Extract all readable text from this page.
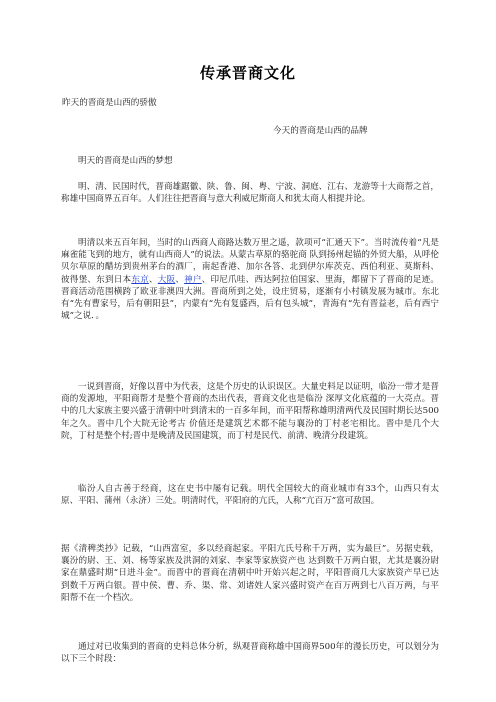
传承晋商文化

昨天的晋商是山西的骄傲

今天的晋商是山西的品牌

明天的晋商是山西的梦想

明、清、民国时代，晋商雄踞徽、陕、鲁、闽、粤、宁波、洞庭、江右、龙游等十大商帮之首，称雄中国商界五百年。人们往往把晋商与意大利威尼斯商人和犹太商人相提并论。

明清以来五百年间，当时的山西商人商路达数万里之遥，款项可“汇通天下”。当时流传着“凡是麻雀能飞到的地方，就有山西商人”的说法。从蒙古草原的骆驼商 队到扬州起锚的外贸大船，从呼伦贝尔草原的醋坊到贵州茅台的酒厂，南起香港、加尔各答、北到伊尔库茨克、西伯利亚、莫斯科、彼得堡、东到日本东京、大阪、神户、印尼爪哇、西达阿拉伯国家、里海，都留下了晋商的足迹。晋商活动范围横跨了欧亚非澳四大洲。晋商所到之处，设庄贸易，逐渐有小村镇发展为城市。东北有“先有曹家号，后有朝阳县”，内蒙有“先有复盛西，后有包头城”，青海有“先有晋益老，后有西宁城”之说．。

一说到晋商，好像以晋中为代表，这是个历史的认识误区。大量史料足以证明，临汾一带才是晋商的发源地，平阳商帮才是整个晋商的杰出代表，晋商文化也是临汾 深厚文化底蕴的一大亮点。晋中的几大家族主要兴盛于清朝中叶到清末的一百多年间，而平阳帮称雄明清两代及民国时期长达500年之久。晋中几个大院无论考古 价值还是建筑艺术都不能与襄汾的丁村老宅相比。晋中是几个大院，丁村是整个村;晋中是晚清及民国建筑，而丁村是民代、前清、晚清分段建筑。

临汾人自古善于经商，这在史书中屡有记载。明代全国较大的商业城市有33个，山西只有太原、平阳、蒲州（永济）三处。明清时代，平阳府的亢氏，人称“亢百万”富可敌国。

据《清稗类抄》记载，“山西富室，多以经商起家。平阳亢氏号称千万两，实为最巨”。另据史载，襄汾的尉、王、刘、杨等家族及洪洞的刘家、李家等家族资产也 达到数千万两白银，尤其是襄汾尉家在鼎盛时期“日进斗金”。而晋中的晋商在清朝中叶开始兴起之时，平阳晋商几大家族资产早已达到数千万两白银。晋中侯、曹、乔、渠、常、刘诸姓人家兴盛时资产在百万两到七八百万两，与平阳帮不在一个档次。

通过对已收集到的晋商的史料总体分析，纵观晋商称雄中国商界500年的漫长历史，可以划分为以下三个时段：
